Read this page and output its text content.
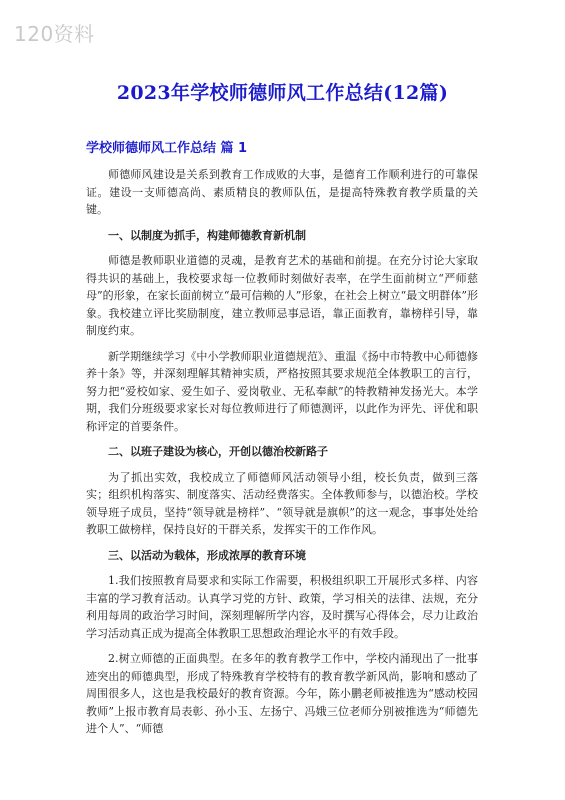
120资料
2023年学校师德师风工作总结(12篇)
学校师德师风工作总结 篇 1

师德师风建设是关系到教育工作成败的大事，是德育工作顺利进行的可靠保证。建设一支师德高尚、素质精良的教师队伍，是提高特殊教育教学质量的关键。

一、以制度为抓手，构建师德教育新机制

师德是教师职业道德的灵魂，是教育艺术的基础和前提。在充分讨论大家取得共识的基础上，我校要求每一位教师时刻做好表率，在学生面前树立“严师慈母”的形象，在家长面前树立“最可信赖的人”形象，在社会上树立“最文明群体”形象。我校建立评比奖励制度，建立教师忌事忌语，靠正面教育，靠榜样引导，靠制度约束。

新学期继续学习《中小学教师职业道德规范》、重温《扬中市特教中心师德修养十条》等，并深刻理解其精神实质，严格按照其要求规范全体教职工的言行，努力把“爱校如家、爱生如子、爱岗敬业、无私奉献”的特教精神发扬光大。本学期，我们分班级要求家长对每位教师进行了师德测评，以此作为评先、评优和职称评定的首要条件。

二、以班子建设为核心，开创以德治校新路子

为了抓出实效，我校成立了师德师风活动领导小组，校长负责，做到三落实；组织机构落实、制度落实、活动经费落实。全体教师参与，以德治校。学校领导班子成员，坚持“领导就是榜样”、“领导就是旗帜”的这一观念，事事处处给教职工做榜样，保持良好的干群关系，发挥实干的工作作风。

三、以活动为载体，形成浓厚的教育环境

1.我们按照教育局要求和实际工作需要，积极组织职工开展形式多样、内容丰富的学习教育活动。认真学习党的方针、政策，学习相关的法律、法规，充分利用每周的政治学习时间，深刻理解所学内容，及时撰写心得体会，尽力让政治学习活动真正成为提高全体教职工思想政治理论水平的有效手段。

2.树立师德的正面典型。在多年的教育教学工作中，学校内涌现出了一批事迹突出的师德典型，形成了特殊教育学校特有的教育教学新风尚，影响和感动了周围很多人，这也是我校最好的教育资源。今年，陈小鹏老师被推选为“感动校园教师”上报市教育局表彰、孙小玉、左扬宁、冯娥三位老师分别被推选为“师德先进个人”、“师德
